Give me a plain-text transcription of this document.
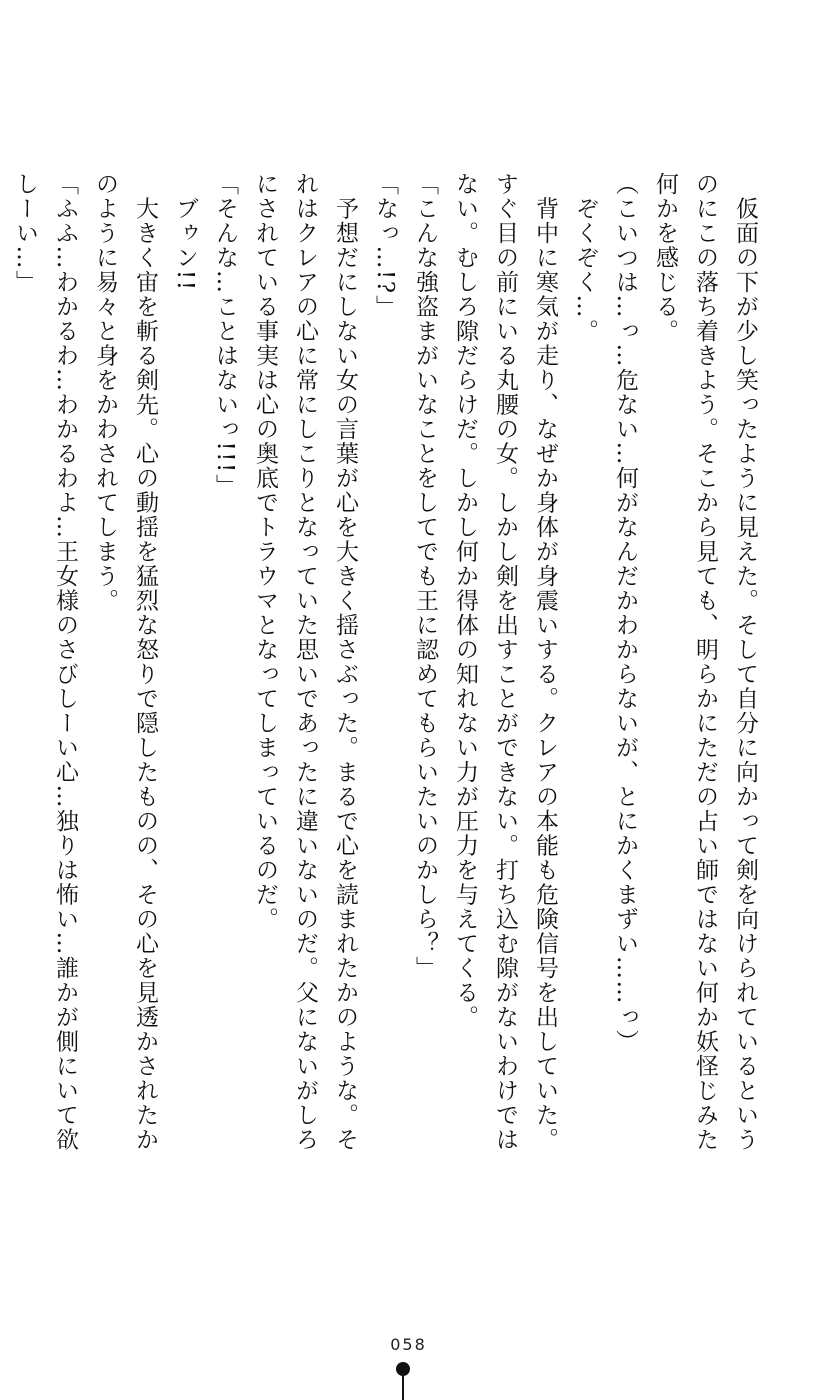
　仮面の下が少し笑ったように見えた。そして自分に向かって剣を向けられているという
のにこの落ち着きよう。そこから見ても、明らかにただの占い師ではない何か妖怪じみた
何かを感じる。
（こいつは…っ…危ない…何がなんだかわからないが、とにかくまずい……っ）
　ぞくぞく…。
　背中に寒気が走り、なぜか身体が身震いする。クレアの本能も危険信号を出していた。
すぐ目の前にいる丸腰の女。しかし剣を出すことができない。打ち込む隙がないわけでは
ない。むしろ隙だらけだ。しかし何か得体の知れない力が圧力を与えてくる。
「こんな強盗まがいなことをしてでも王に認めてもらいたいのかしら？」
「なっ…!?」
　予想だにしない女の言葉が心を大きく揺さぶった。まるで心を読まれたかのような。そ
れはクレアの心に常にしこりとなっていた思いであったに違いないのだ。父にないがしろ
にされている事実は心の奥底でトラウマとなってしまっているのだ。
「そんな…ことはないっ!!!」
　ブゥン!!
　大きく宙を斬る剣先。心の動揺を猛烈な怒りで隠したものの、その心を見透かされたか
のように易々と身をかわされてしまう。
「ふふ…わかるわ…わかるわよ…王女様のさびしーい心…独りは怖い…誰かが側にいて欲
しーい…」
058
